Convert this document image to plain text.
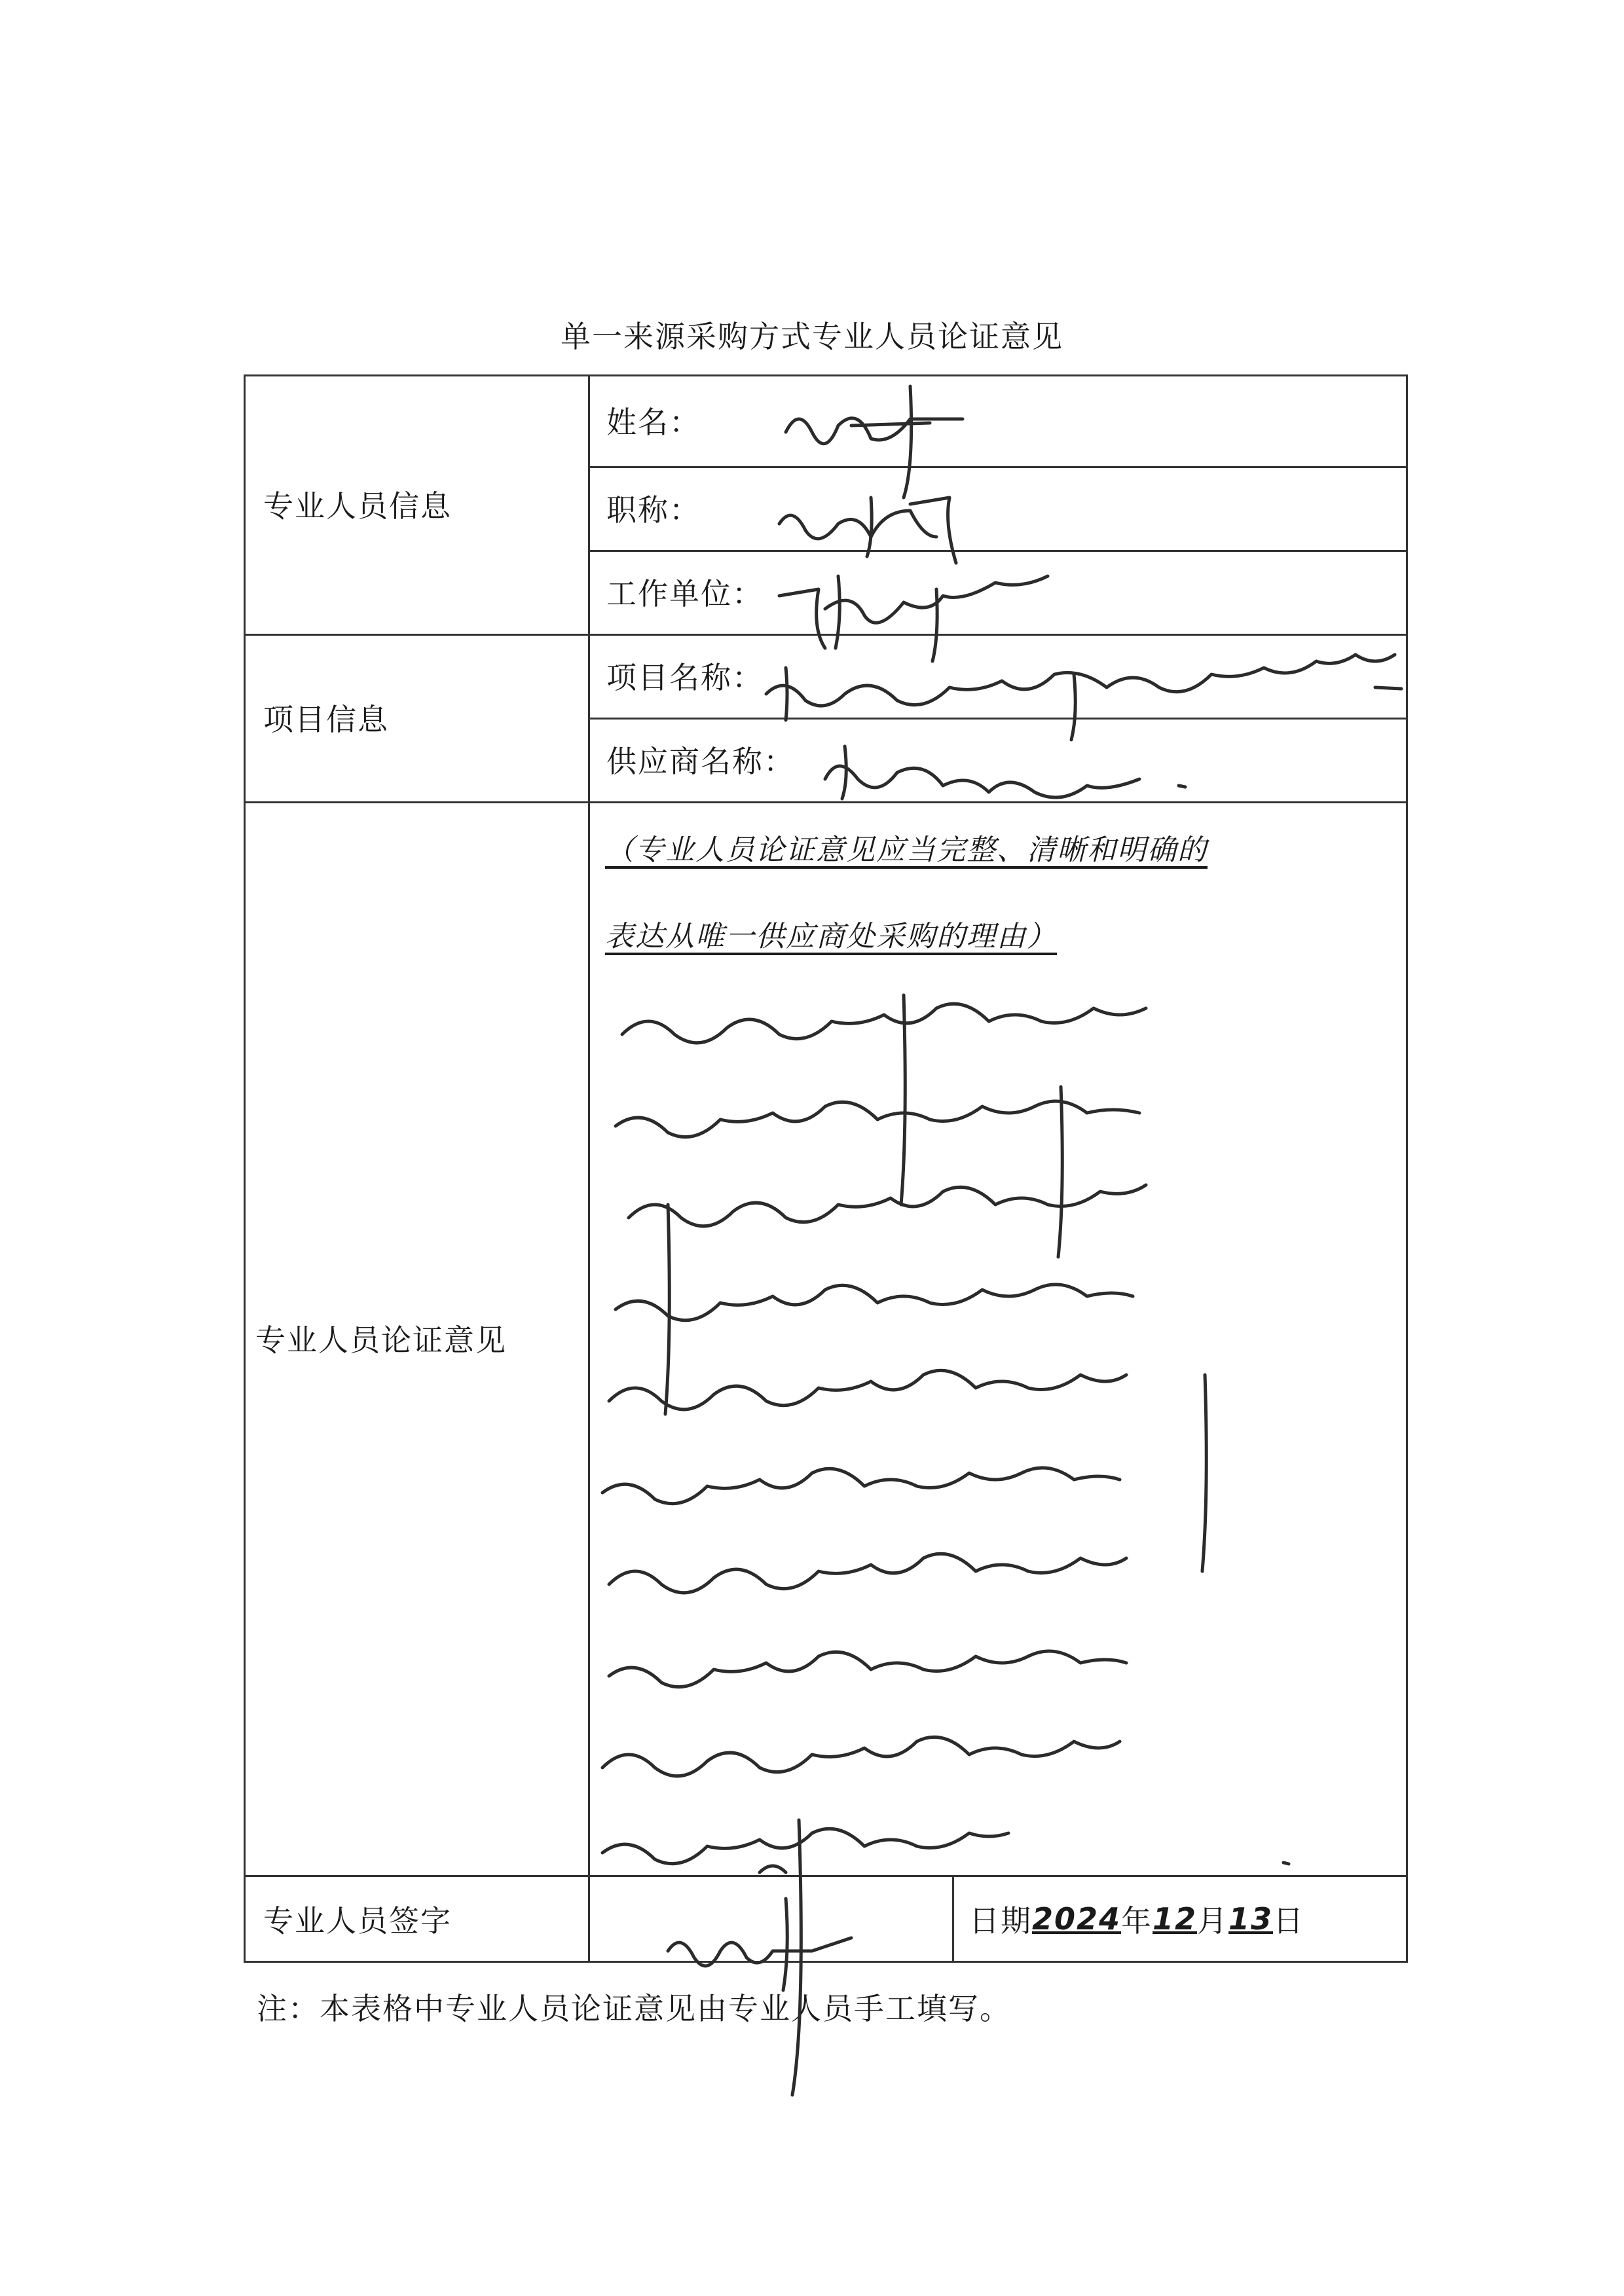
单一来源采购方式专业人员论证意见
专业人员信息
项目信息
专业人员论证意见
专业人员签字
姓名：
职称：
工作单位：
项目名称：
供应商名称：
日期 2024 年 12 月 13 日
（专业人员论证意见应当完整、清晰和明确的
表达从唯一供应商处采购的理由）
注：本表格中专业人员论证意见由专业人员手工填写。
